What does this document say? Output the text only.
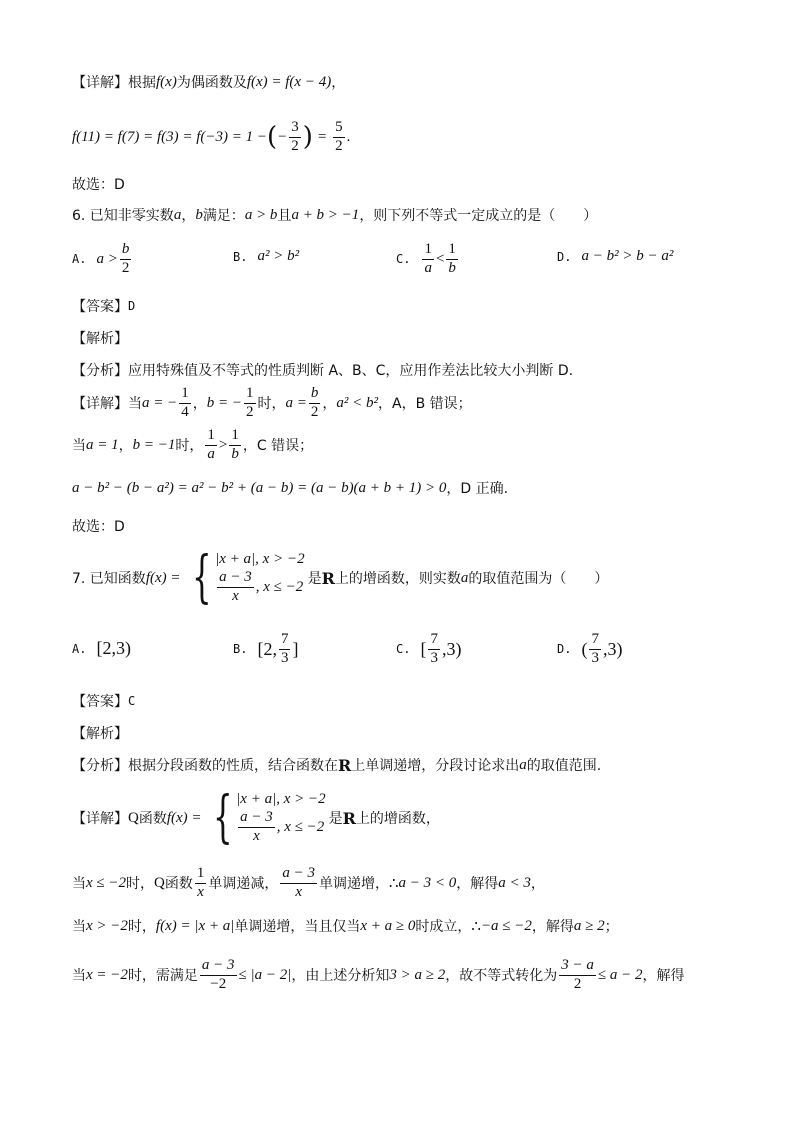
【详解】 根据 f(x) 为偶函数及 f(x) = f(x − 4) ，
f(11) = f(7) = f(3) = f(−3) = 1 − ( − $\frac{3}{2}$ ) = $\frac{5}{2}$ .
故选：D
6. 已知非零实数 a ， b 满足： a > b 且 a + b > −1 ，则下列不等式一定成立的是（　　）
A. $a > \frac{b}{2}$	B. a² > b²	C. $\frac{1}{a} < \frac{1}{b}$	D. a − b² > b − a²
【答案】 D
【解析】
【分析】 应用特殊值及不等式的性质判断 A、B、C，应用作差法比较大小判断 D.
【详解】 当 a = − $\frac{1}{4}$ ， b = − $\frac{1}{2}$ 时， $a = \frac{b}{2}$ ， a² < b² ，A，B 错误；
当 a = 1 ， b = −1 时， $\frac{1}{a} > \frac{1}{b}$ ，C 错误；
a − b² − (b − a²) = a² − b² + (a − b) = (a − b)(a + b + 1) > 0 ，D 正确.
故选：D
7. 已知函数 f(x) = { |x + a|, x > −2
$\frac{a - 3}{x}$ , x ≤ −2 是 R 上的增函数，则实数 a 的取值范围为（　　）
A. [2,3)	B. [2, $\frac{7}{3}$ ]	C. [ $\frac{7}{3} ,3$)	D. ( $\frac{7}{3} ,3$)
【答案】 C
【解析】
【分析】 根据分段函数的性质，结合函数在 R 上单调递增，分段讨论求出 a 的取值范围.
【详解】 Q 函数 f(x) = { |x + a|, x > −2
$\frac{a - 3}{x}$ , x ≤ −2 是 R 上的增函数，
当 x ≤ −2 时， Q 函数 $\frac{1}{x}$ 单调递减， $\frac{a - 3}{x}$ 单调递增， ∴ a − 3 < 0 ，解得 a < 3 ，
当 x > −2 时， f(x) = |x + a| 单调递增，当且仅当 x + a ≥ 0 时成立， ∴ −a ≤ −2 ，解得 a ≥ 2 ；
当 x = −2 时，需满足 $\frac{a - 3}{-2} \le |a - 2|$ ，由上述分析知 3 > a ≥ 2 ，故不等式转化为 $\frac{3 - a}{2} \le a - 2$ ，解得
